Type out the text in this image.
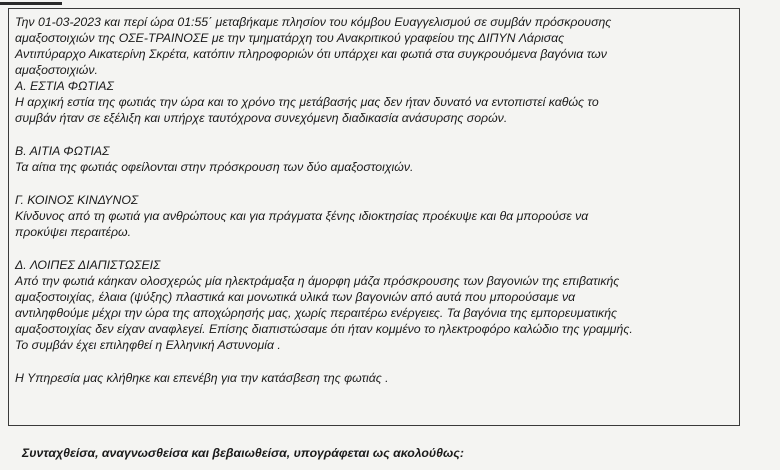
Την 01-03-2023 και περί ώρα 01:55΄ μεταβήκαμε πλησίον του κόμβου Ευαγγελισμού σε συμβάν πρόσκρουσης
αμαξοστοιχιών της ΟΣΕ-ΤΡΑΙΝΟΣΕ με την τμηματάρχη του Ανακριτικού γραφείου της ΔΙΠΥΝ Λάρισας
Αντιπύραρχο Αικατερίνη Σκρέτα, κατόπιν πληροφοριών ότι υπάρχει και φωτιά στα συγκρουόμενα βαγόνια των
αμαξοστοιχιών.
Α. ΕΣΤΙΑ ΦΩΤΙΑΣ
Η αρχική εστία της φωτιάς την ώρα και το χρόνο της μετάβασής μας δεν ήταν δυνατό να εντοπιστεί καθώς το
συμβάν ήταν σε εξέλιξη και υπήρχε ταυτόχρονα συνεχόμενη διαδικασία ανάσυρσης σορών.
Β. ΑΙΤΙΑ ΦΩΤΙΑΣ
Τα αίτια της φωτιάς οφείλονται στην πρόσκρουση των δύο αμαξοστοιχιών.
Γ. ΚΟΙΝΟΣ ΚΙΝΔΥΝΟΣ
Κίνδυνος από τη φωτιά για ανθρώπους και για πράγματα ξένης ιδιοκτησίας προέκυψε και θα μπορούσε να
προκύψει περαιτέρω.
Δ. ΛΟΙΠΕΣ ΔΙΑΠΙΣΤΩΣΕΙΣ
Από την φωτιά κάηκαν ολοσχερώς μία ηλεκτράμαξα η άμορφη μάζα πρόσκρουσης των βαγονιών της επιβατικής
αμαξοστοιχίας, έλαια (ψύξης) πλαστικά και μονωτικά υλικά των βαγονιών από αυτά που μπορούσαμε να
αντιληφθούμε μέχρι την ώρα της αποχώρησής μας, χωρίς περαιτέρω ενέργειες. Τα βαγόνια της εμπορευματικής
αμαξοστοιχίας δεν είχαν αναφλεγεί. Επίσης διαπιστώσαμε ότι ήταν κομμένο το ηλεκτροφόρο καλώδιο της γραμμής.
Το συμβάν έχει επιληφθεί η Ελληνική Αστυνομία .
Η Υπηρεσία μας κλήθηκε και επενέβη για την κατάσβεση της φωτιάς .
Συνταχθείσα, αναγνωσθείσα και βεβαιωθείσα, υπογράφεται ως ακολούθως:
